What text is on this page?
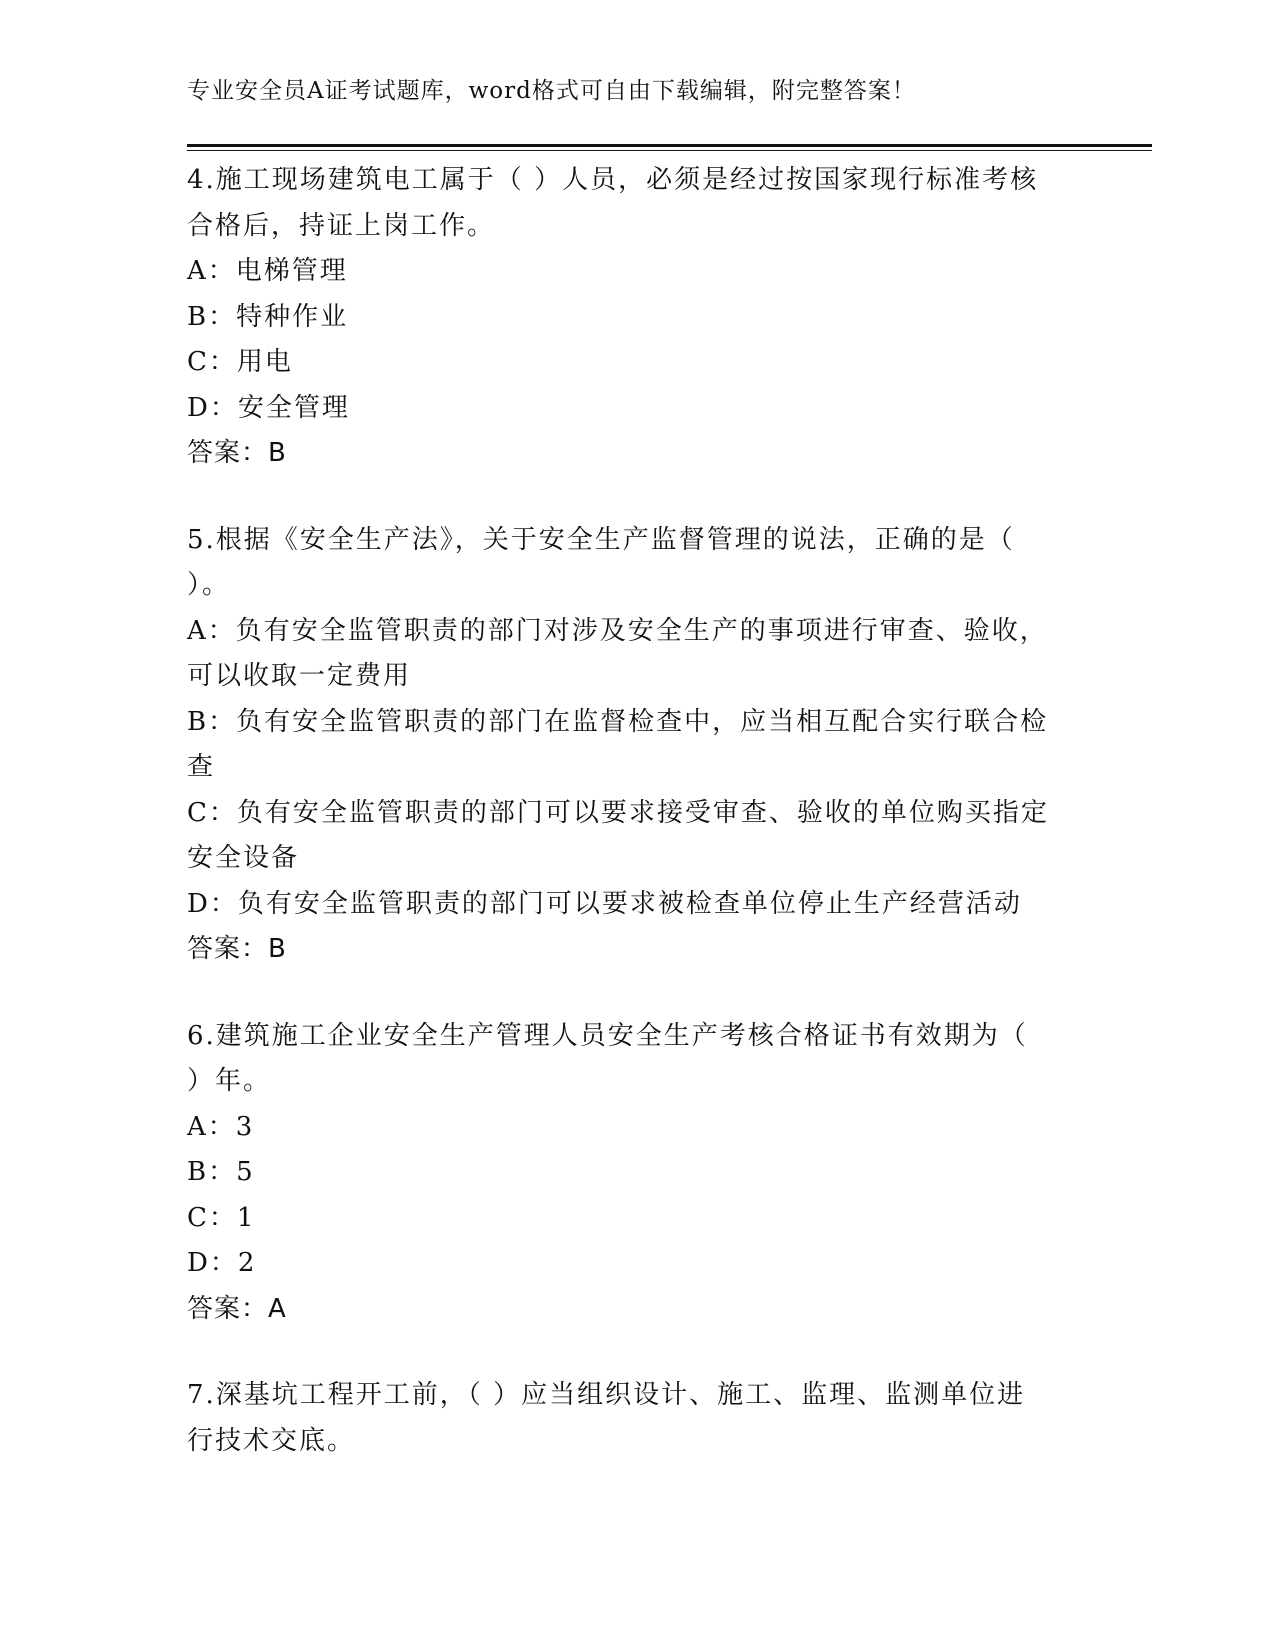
专业安全员A证考试题库，word格式可自由下载编辑，附完整答案！
4.施工现场建筑电工属于（ ）人员，必须是经过按国家现行标准考核
合格后，持证上岗工作。
A：电梯管理
B：特种作业
C：用电
D：安全管理
答案：B
5.根据《安全生产法》，关于安全生产监督管理的说法，正确的是（
）。
A：负有安全监管职责的部门对涉及安全生产的事项进行审查、验收，
可以收取一定费用
B：负有安全监管职责的部门在监督检查中，应当相互配合实行联合检
查
C：负有安全监管职责的部门可以要求接受审查、验收的单位购买指定
安全设备
D：负有安全监管职责的部门可以要求被检查单位停止生产经营活动
答案：B
6.建筑施工企业安全生产管理人员安全生产考核合格证书有效期为（
）年。
A：3
B：5
C：1
D：2
答案：A
7.深基坑工程开工前，（ ）应当组织设计、施工、监理、监测单位进
行技术交底。
